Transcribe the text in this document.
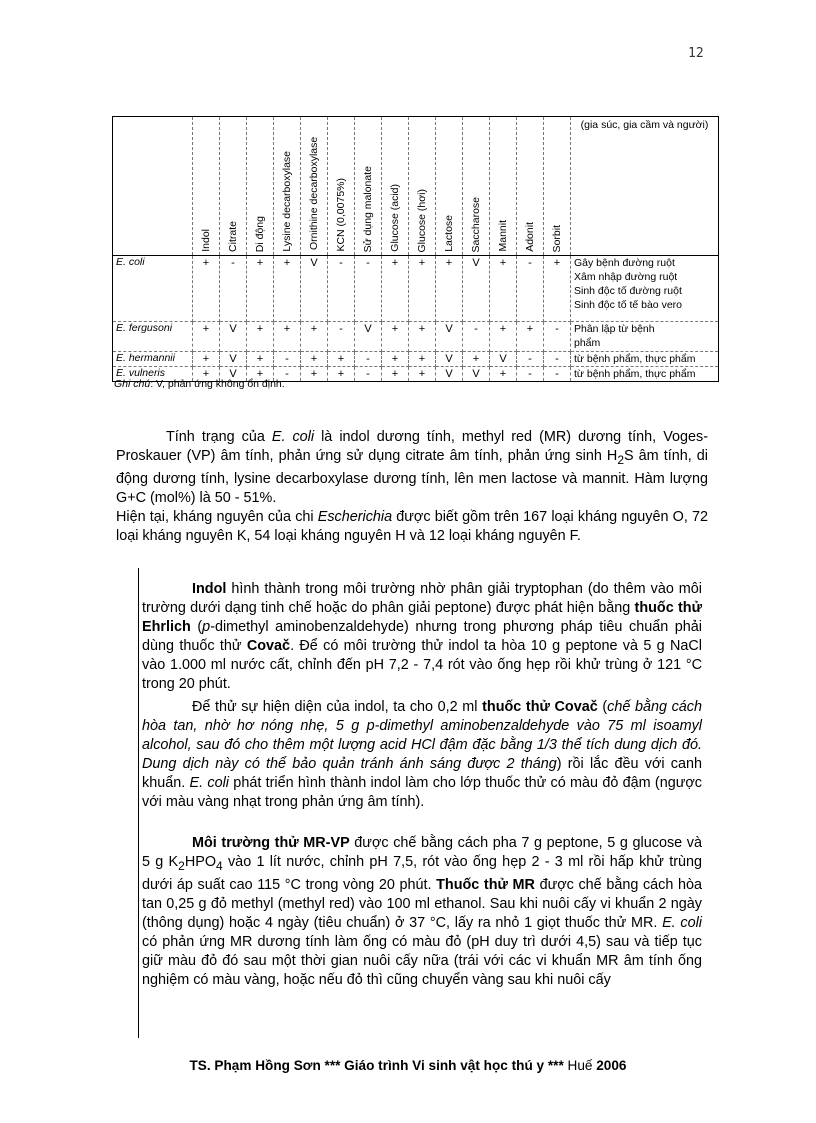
12
	Indol	Citrate	Di động	Lysine decarboxylase	Ornithine decarboxylase	KCN (0,0075%)	Sử dụng malonate	Glucose (acid)	Glucose (hơi)	Lactose	Saccharose	Mannit	Adonit	Sorbit	(gia súc, gia cầm và người)
E. coli	+	-	+	+	V	-	-	+	+	+	V	+	-	+	Gây bệnh đường ruột
Xâm nhập đường ruột
Sinh độc tố đường ruột
Sinh độc tố tế bào vero

E. fergusoni	+	V	+	+	+	-	V	+	+	V	-	+	+	-	Phân lập từ bệnh
phẩm

E. hermannii	+	V	+	-	+	+	-	+	+	V	+	V	-	-	từ bệnh phẩm, thực phẩm

E. vulneris	+	V	+	-	+	+	-	+	+	V	V	+	-	-	từ bệnh phẩm, thực phẩm
Ghi chú: V, phản ứng không ổn định.

Tính trạng của E. coli là indol dương tính, methyl red (MR) dương tính, Voges-Proskauer (VP) âm tính, phản ứng sử dụng citrate âm tính, phản ứng $\sinh H_2S$ âm tính, di động dương tính, lysine decarboxylase dương tính, lên men lactose và mannit. Hàm lượng G+C (mol%) là 50 - 51%.

Hiện tại, kháng nguyên của chi Escherichia được biết gồm trên 167 loại kháng nguyên O, 72 loại kháng nguyên K, 54 loại kháng nguyên H và 12 loại kháng nguyên F.

Indol hình thành trong môi trường nhờ phân giải tryptophan (do thêm vào môi trường dưới dạng tinh chế hoặc do phân giải peptone) được phát hiện bằng thuốc thử Ehrlich (p-dimethyl aminobenzaldehyde) nhưng trong phương pháp tiêu chuẩn phải dùng thuốc thử Covač. Để có môi trường thử indol ta hòa 10 g peptone và 5 g NaCl vào 1.000 ml nước cất, chỉnh đến pH 7,2 - 7,4 rót vào ống hẹp rồi khử trùng ở 121 °C trong 20 phút.

Để thử sự hiện diện của indol, ta cho 0,2 ml thuốc thử Covač (chế bằng cách hòa tan, nhờ hơ nóng nhẹ, 5 g p-dimethyl aminobenzaldehyde vào 75 ml isoamyl alcohol, sau đó cho thêm một lượng acid HCl đậm đặc bằng 1/3 thể tích dung dịch đó. Dung dịch này có thể bảo quản tránh ánh sáng được 2 tháng) rồi lắc đều với canh khuẩn. E. coli phát triển hình thành indol làm cho lớp thuốc thử có màu đỏ đậm (ngược với màu vàng nhạt trong phản ứng âm tính).

Môi trường thử MR-VP được chế bằng cách pha 7 g peptone, 5 g glucose và 5 g $K_2HPO_4$ vào 1 lít nước, chỉnh pH 7,5, rót vào ống hẹp 2 - 3 ml rồi hấp khử trùng dưới áp suất cao 115 °C trong vòng 20 phút. Thuốc thử MR được chế bằng cách hòa tan 0,25 g đỏ methyl (methyl red) vào 100 ml ethanol. Sau khi nuôi cấy vi khuẩn 2 ngày (thông dụng) hoặc 4 ngày (tiêu chuẩn) ở 37 °C, lấy ra nhỏ 1 giọt thuốc thử MR. E. coli có phản ứng MR dương tính làm ống có màu đỏ (pH duy trì dưới 4,5) sau và tiếp tục giữ màu đỏ đó sau một thời gian nuôi cấy nữa (trái với các vi khuẩn MR âm tính ống nghiệm có màu vàng, hoặc nếu đỏ thì cũng chuyển vàng sau khi nuôi cấy

TS. Phạm Hồng Sơn *** Giáo trình Vi sinh vật học thú y *** Huế 2006
